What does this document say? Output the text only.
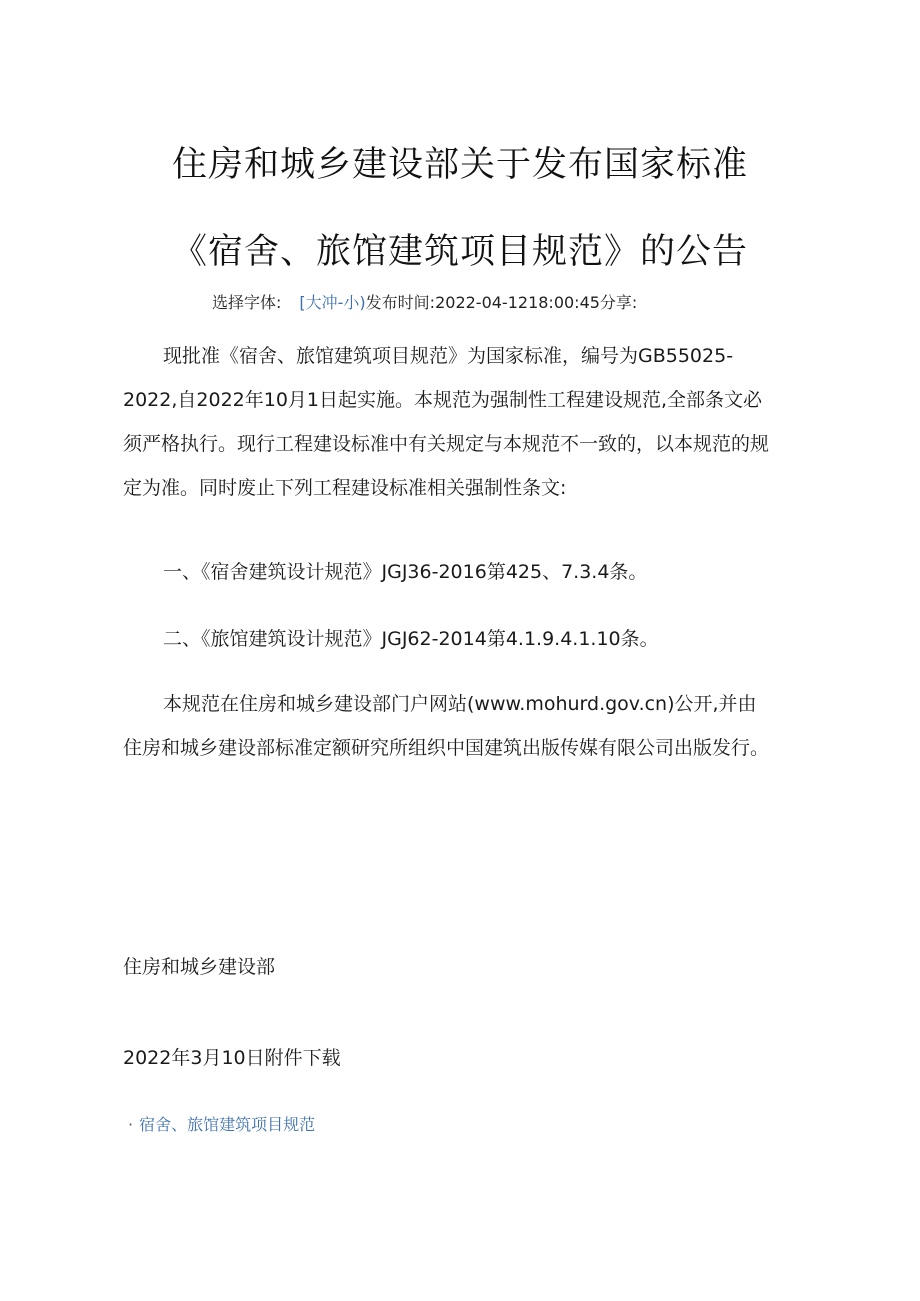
住房和城乡建设部关于发布国家标准
《宿舍、旅馆建筑项目规范》的公告
选择字体: [大冲-小)发布时间:2022-04-1218:00:45分享:
现批准《宿舍、旅馆建筑项目规范》为国家标准，编号为GB55025-2022,自2022年10月1日起实施。本规范为强制性工程建设规范,全部条文必须严格执行。现行工程建设标准中有关规定与本规范不一致的，以本规范的规定为准。同时废止下列工程建设标准相关强制性条文:
一、《宿舍建筑设计规范》JGJ36-2016第425、7.3.4条。
二、《旅馆建筑设计规范》JGJ62-2014第4.1.9.4.1.10条。
本规范在住房和城乡建设部门户网站(www.mohurd.gov.cn)公开,并由住房和城乡建设部标准定额研究所组织中国建筑出版传媒有限公司出版发行。
住房和城乡建设部
2022年3月10日附件下载
· 宿舍、旅馆建筑项目规范
